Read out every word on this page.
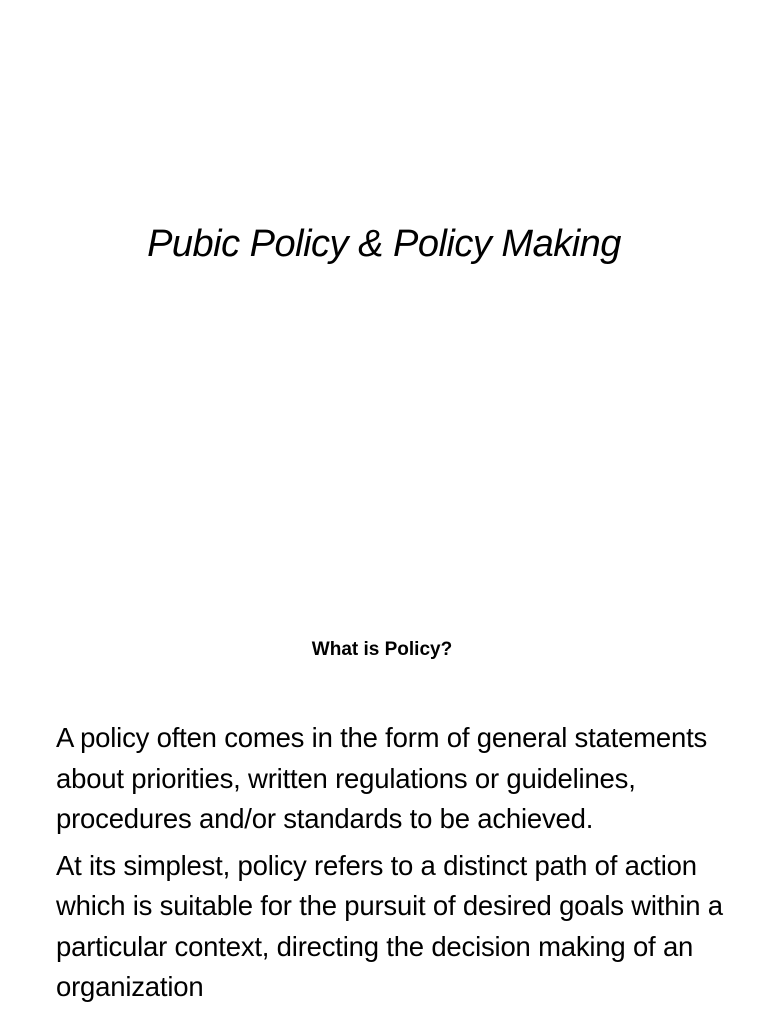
Pubic Policy & Policy Making
What is Policy?

A policy often comes in the form of general statements about priorities, written regulations or guidelines, procedures and/or standards to be achieved.

At its simplest, policy refers to a distinct path of action which is suitable for the pursuit of desired goals within a particular context, directing the decision making of an organization
